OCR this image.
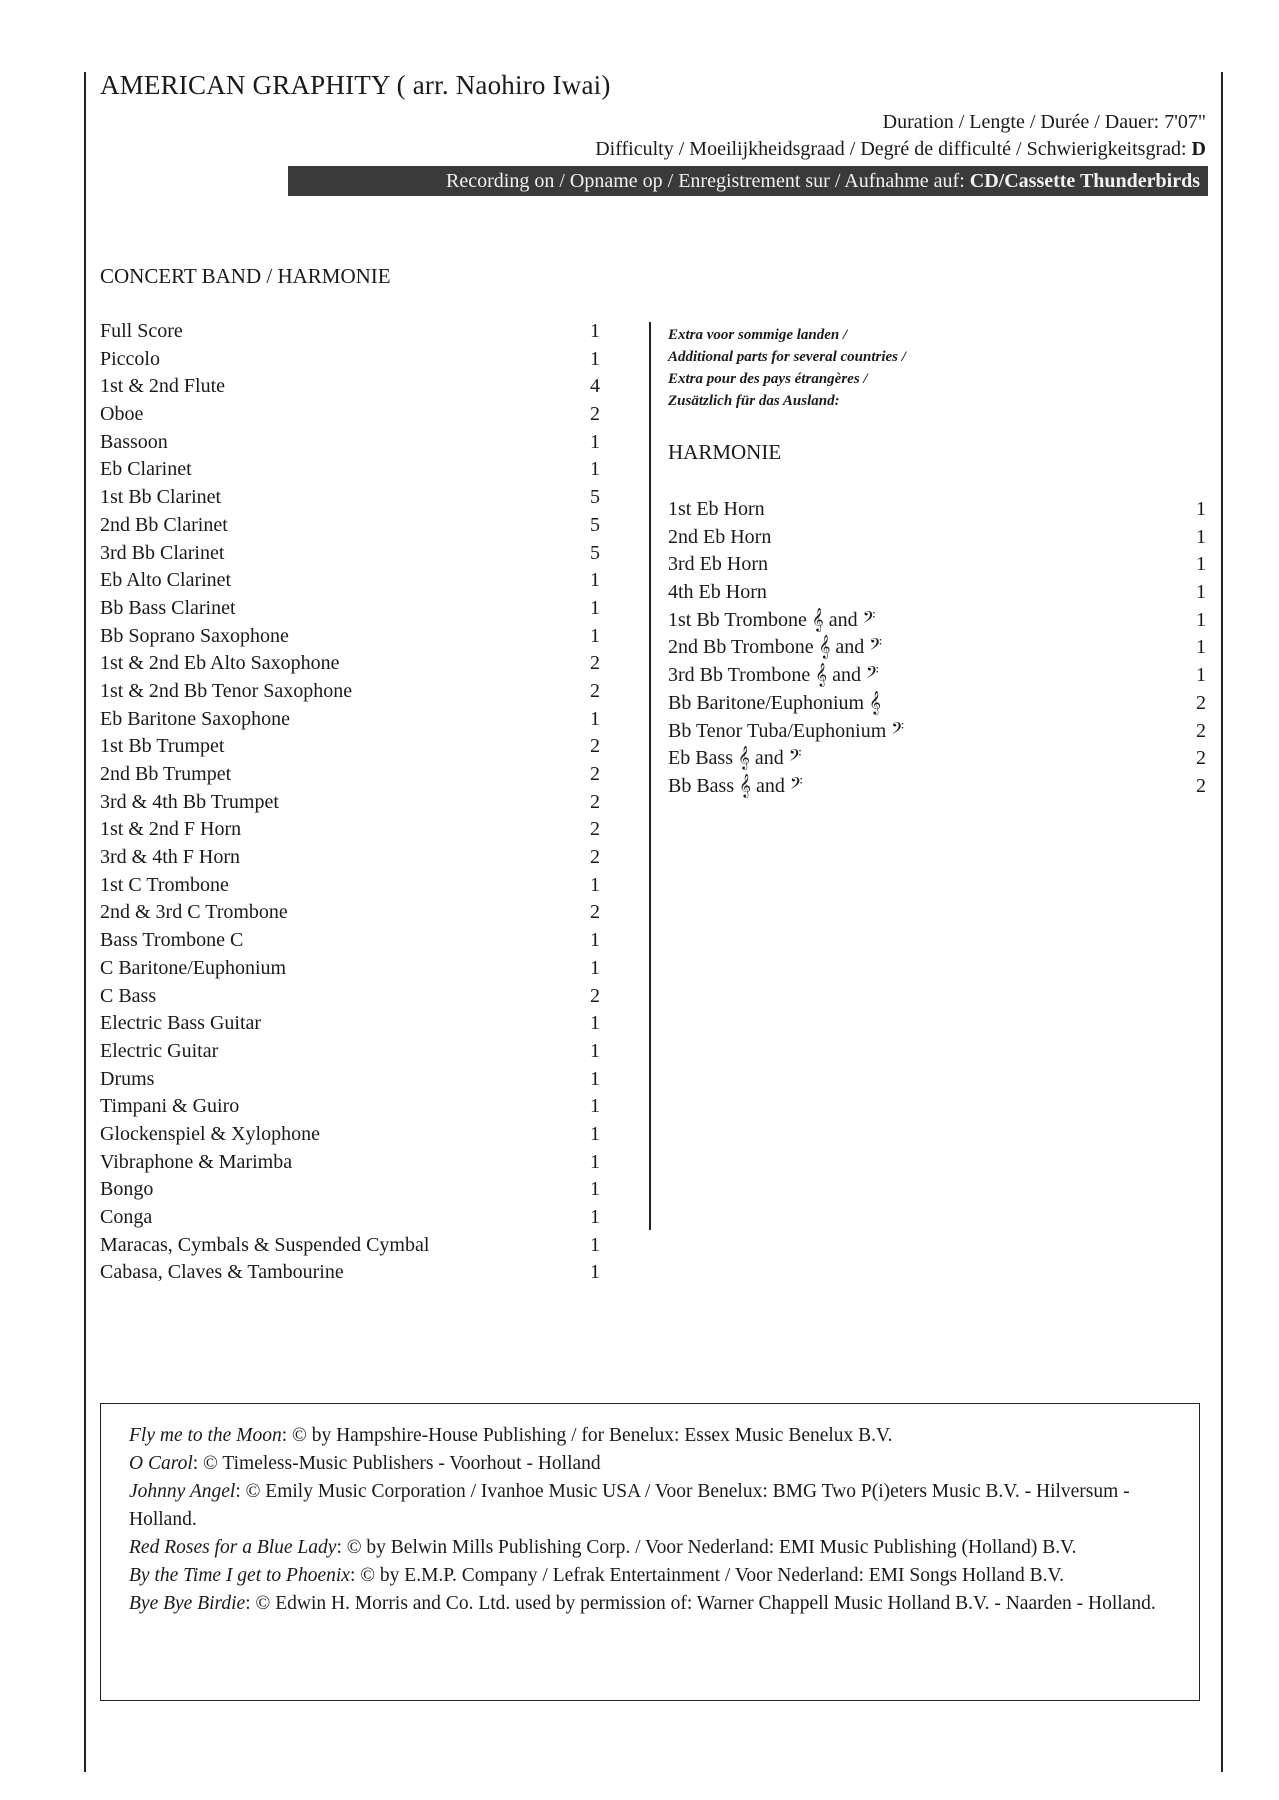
AMERICAN GRAPHITY ( arr. Naohiro Iwai)
Duration / Lengte / Durée / Dauer: 7'07"
Difficulty / Moeilijkheidsgraad / Degré de difficulté / Schwierigkeitsgrad: D
Recording on / Opname op / Enregistrement sur / Aufnahme auf: CD/Cassette Thunderbirds
CONCERT BAND / HARMONIE
Full Score	1
Piccolo	1
1st & 2nd Flute	4
Oboe	2
Bassoon	1
Eb Clarinet	1
1st Bb Clarinet	5
2nd Bb Clarinet	5
3rd Bb Clarinet	5
Eb Alto Clarinet	1
Bb Bass Clarinet	1
Bb Soprano Saxophone	1
1st & 2nd Eb Alto Saxophone	2
1st & 2nd Bb Tenor Saxophone	2
Eb Baritone Saxophone	1
1st Bb Trumpet	2
2nd Bb Trumpet	2
3rd & 4th Bb Trumpet	2
1st & 2nd F Horn	2
3rd & 4th F Horn	2
1st C Trombone	1
2nd & 3rd C Trombone	2
Bass Trombone C	1
C Baritone/Euphonium	1
C Bass	2
Electric Bass Guitar	1
Electric Guitar	1
Drums	1
Timpani & Guiro	1
Glockenspiel & Xylophone	1
Vibraphone & Marimba	1
Bongo	1
Conga	1
Maracas, Cymbals & Suspended Cymbal	1
Cabasa, Claves & Tambourine	1
Extra voor sommige landen /
Additional parts for several countries /
Extra pour des pays étrangères /
Zusätzlich für das Ausland:
HARMONIE
1st Eb Horn	1
2nd Eb Horn	1
3rd Eb Horn	1
4th Eb Horn	1
1st Bb Trombone 𝄞 and 𝄢	1
2nd Bb Trombone 𝄞 and 𝄢	1
3rd Bb Trombone 𝄞 and 𝄢	1
Bb Baritone/Euphonium 𝄞	2
Bb Tenor Tuba/Euphonium 𝄢	2
Eb Bass 𝄞 and 𝄢	2
Bb Bass 𝄞 and 𝄢	2

Fly me to the Moon: © by Hampshire-House Publishing / for Benelux: Essex Music Benelux B.V.

O Carol: © Timeless-Music Publishers - Voorhout - Holland

Johnny Angel: © Emily Music Corporation / Ivanhoe Music USA / Voor Benelux: BMG Two P(i)eters Music B.V. - Hilversum - Holland.

Red Roses for a Blue Lady: © by Belwin Mills Publishing Corp. / Voor Nederland: EMI Music Publishing (Holland) B.V.

By the Time I get to Phoenix: © by E.M.P. Company / Lefrak Entertainment / Voor Nederland: EMI Songs Holland B.V.

Bye Bye Birdie: © Edwin H. Morris and Co. Ltd. used by permission of: Warner Chappell Music Holland B.V. - Naarden - Holland.
